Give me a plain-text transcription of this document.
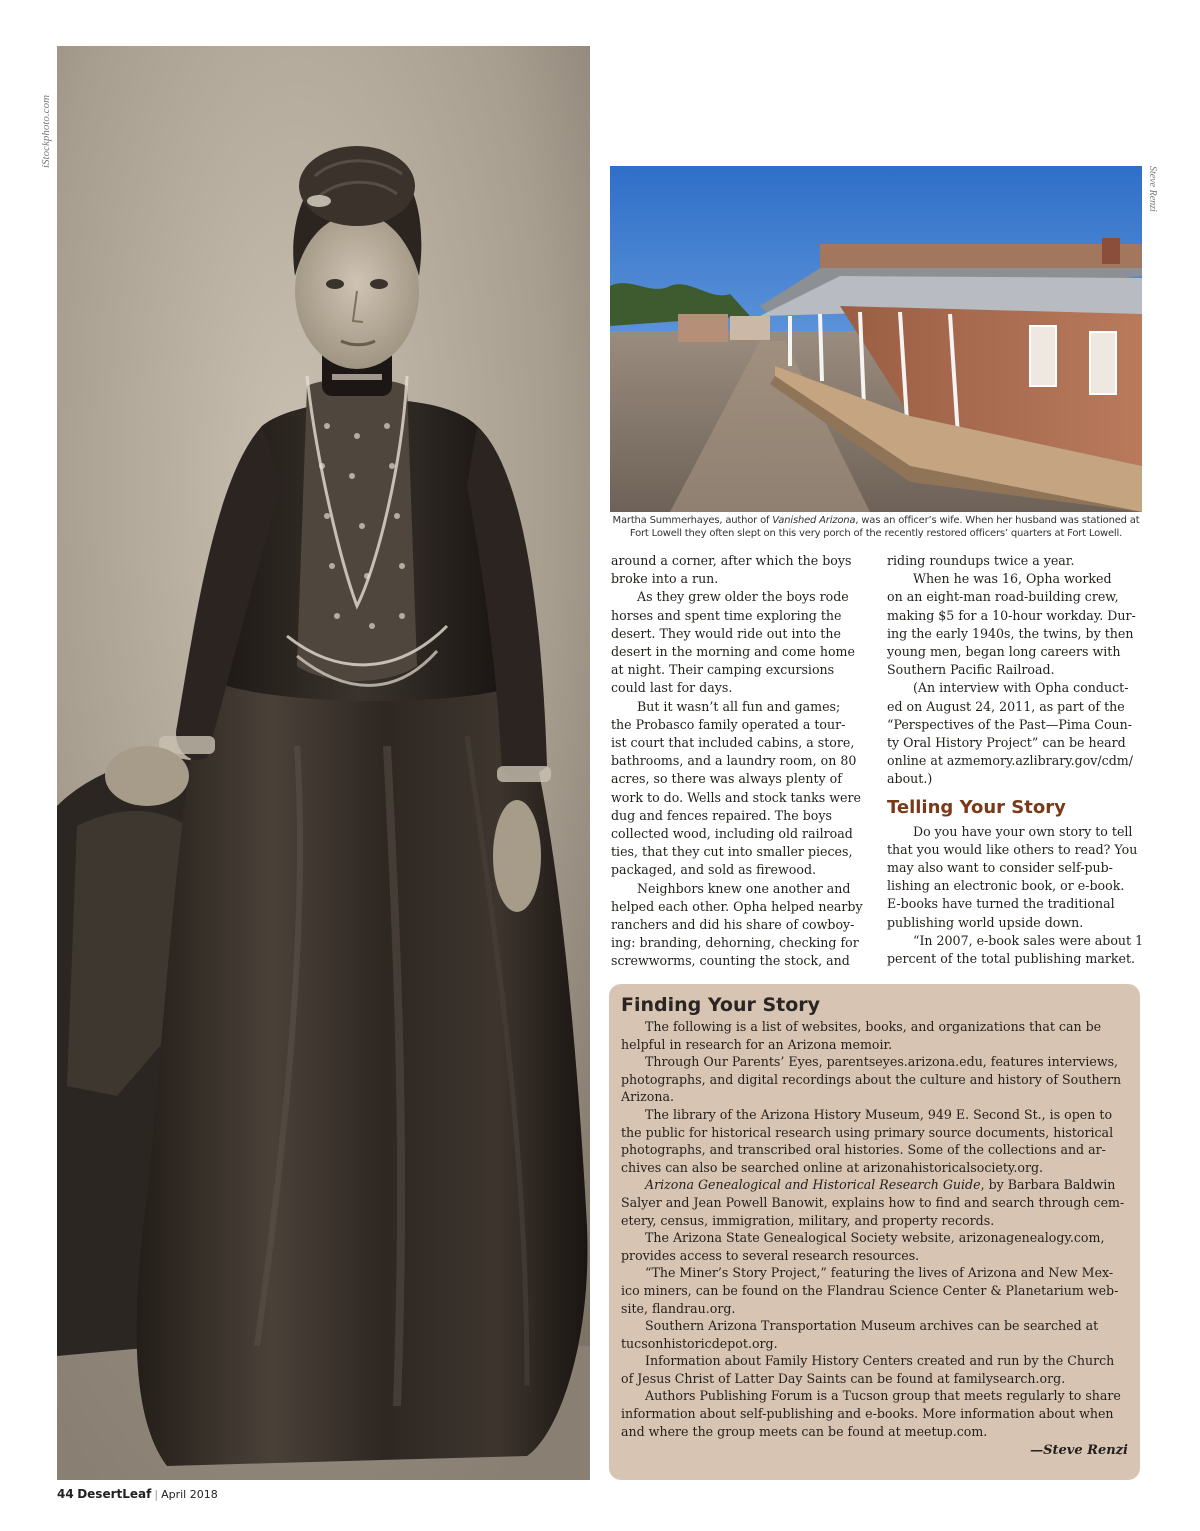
iStockphoto.com
Steve Renzi
Martha Summerhayes, author of Vanished Arizona, was an officer’s wife. When her husband was stationed at Fort Lowell they often slept on this very porch of the recently restored officers’ quarters at Fort Lowell.

around a corner, after which the boys
broke into a run.

As they grew older the boys rode
horses and spent time exploring the
desert. They would ride out into the
desert in the morning and come home
at night. Their camping excursions
could last for days.

But it wasn’t all fun and games;
the Probasco family operated a tour-
ist court that included cabins, a store,
bathrooms, and a laundry room, on 80
acres, so there was always plenty of
work to do. Wells and stock tanks were
dug and fences repaired. The boys
collected wood, including old railroad
ties, that they cut into smaller pieces,
packaged, and sold as firewood.

Neighbors knew one another and
helped each other. Opha helped nearby
ranchers and did his share of cowboy-
ing: branding, dehorning, checking for
screwworms, counting the stock, and

riding roundups twice a year.

When he was 16, Opha worked
on an eight-man road-building crew,
making $5 for a 10-hour workday. Dur-
ing the early 1940s, the twins, by then
young men, began long careers with
Southern Pacific Railroad.

(An interview with Opha conduct-
ed on August 24, 2011, as part of the
“Perspectives of the Past—Pima Coun-
ty Oral History Project” can be heard
online at azmemory.azlibrary.gov/cdm/
about.)

Telling Your Story

Do you have your own story to tell
that you would like others to read? You
may also want to consider self-pub-
lishing an electronic book, or e-book.
E-books have turned the traditional
publishing world upside down.

“In 2007, e-book sales were about 1
percent of the total publishing market.

Finding Your Story

The following is a list of websites, books, and organizations that can be
helpful in research for an Arizona memoir.

Through Our Parents’ Eyes, parentseyes.arizona.edu, features interviews,
photographs, and digital recordings about the culture and history of Southern
Arizona.

The library of the Arizona History Museum, 949 E. Second St., is open to
the public for historical research using primary source documents, historical
photographs, and transcribed oral histories. Some of the collections and ar-
chives can also be searched online at arizonahistoricalsociety.org.

Arizona Genealogical and Historical Research Guide, by Barbara Baldwin
Salyer and Jean Powell Banowit, explains how to find and search through cem-
etery, census, immigration, military, and property records.

The Arizona State Genealogical Society website, arizonagenealogy.com,
provides access to several research resources.

“The Miner’s Story Project,” featuring the lives of Arizona and New Mex-
ico miners, can be found on the Flandrau Science Center & Planetarium web-
site, flandrau.org.

Southern Arizona Transportation Museum archives can be searched at
tucsonhistoricdepot.org.

Information about Family History Centers created and run by the Church
of Jesus Christ of Latter Day Saints can be found at familysearch.org.

Authors Publishing Forum is a Tucson group that meets regularly to share
information about self-publishing and e-books. More information about when
and where the group meets can be found at meetup.com.

—Steve Renzi
44 DesertLeaf | April 2018
